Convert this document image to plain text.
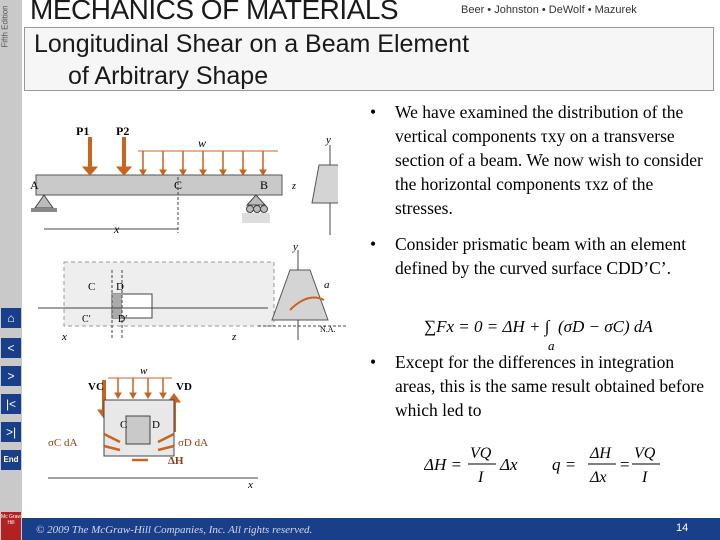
Fifth Edition
⌂
<
>
|<
>|
End
Mc Graw Hill
MECHANICS OF MATERIALS	Beer • Johnston • DeWolf • Mazurek
Longitudinal Shear on a Beam Element
of Arbitrary Shape
P1 P2
w
A	C	B
x
y
z
C D
C′	D′
x
y
a
N.A.
z
w
VC	VD
C D
σC dA	σD dA
ΔH
x
• We have examined the distribution of the vertical components τxy on a transverse section of a beam. We now wish to consider the horizontal components τxz of the stresses.
• Consider prismatic beam with an element defined by the curved surface CDD’C’.
• Except for the differences in integration areas, this is the same result obtained before which led to
∑Fx = 0 = ΔH + ∫ (σD − σC) dA
a
ΔH =
VQ
I
Δx q =
ΔH
Δx
=
VQ
I
© 2009 The McGraw-Hill Companies, Inc. All rights reserved.	14
